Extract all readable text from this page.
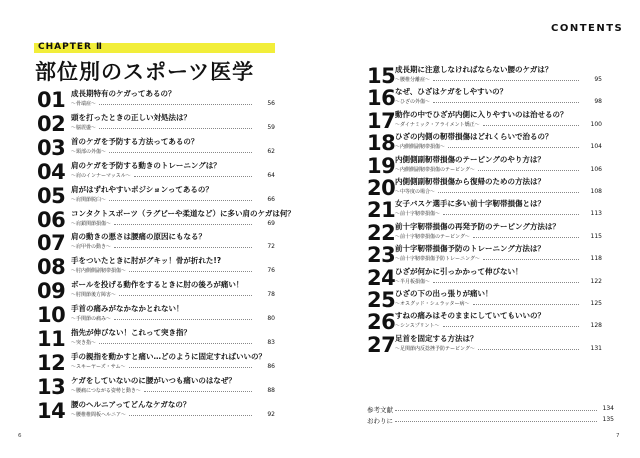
CONTENTS
CHAPTER Ⅱ
部位別のスポーツ医学
01 成長期特有のケガってあるの？
〜骨端症〜	56
02 頭を打ったときの正しい対処法は？
〜脳震盪〜	59
03 首のケガを予防する方法ってあるの？
〜頸部の外傷〜	62
04 肩のケガを予防する動きのトレーニングは？
〜肩のインナーマッスル〜	64
05 肩がはずれやすいポジションってあるの？
〜肩関節脱臼〜	66
06 コンタクトスポーツ（ラグビーや柔道など）に多い肩のケガは何？
〜肩鎖関節損傷〜	69
07 肩の動きの悪さは腰痛の原因にもなる？
〜肩甲骨の動き〜	72
08 手をついたときに肘がグキッ！骨が折れた!?
〜肘内側側副靭帯損傷〜	76
09 ボールを投げる動作をするときに肘の後ろが痛い！
〜肘関節後方障害〜	78
10 手首の痛みがなかなかとれない！
〜手関節の痛み〜	80
11 指先が伸びない！これって突き指？
〜突き指〜	83
12 手の親指を動かすと痛い…どのように固定すればいいの？
〜スキーヤーズ・サム〜	86
13 ケガをしていないのに腰がいつも痛いのはなぜ？
〜腰痛につながる姿勢と動き〜	88
14 腰のヘルニアってどんなケガなの？
〜腰椎椎間板ヘルニア〜	92
15 成長期に注意しなければならない腰のケガは？
〜腰椎分離症〜	95
16 なぜ、ひざはケガをしやすいの？
〜ひざの外傷〜	98
17 動作の中でひざが内側に入りやすいのは治せるの？
〜ダイナミック・アライメント矯正〜	100
18 ひざの内側の靭帯損傷はどれくらいで治るの？
〜内側側副靭帯損傷〜	104
19 内側側副靭帯損傷のテーピングのやり方は？
〜内側側副靭帯損傷のテーピング〜	106
20 内側側副靭帯損傷から復帰のための方法は？
〜中等度の場合〜	108
21 女子バスケ選手に多い前十字靭帯損傷とは？
〜前十字靭帯損傷〜	113
22 前十字靭帯損傷の再発予防のテーピング方法は？
〜前十字靭帯損傷のテーピング〜	115
23 前十字靭帯損傷予防のトレーニング方法は？
〜前十字靭帯損傷予防トレーニング〜	118
24 ひざが何かに引っかかって伸びない！
〜半月板損傷〜	122
25 ひざの下の出っ張りが痛い！
〜オスグッド・シュラッター病〜	125
26 すねの痛みはそのままにしていてもいいの？
〜シンスプリント〜	128
27 足首を固定する方法は？
〜足関節内反捻挫予防テーピング〜	131
参考文献	134
おわりに	135
6	7
